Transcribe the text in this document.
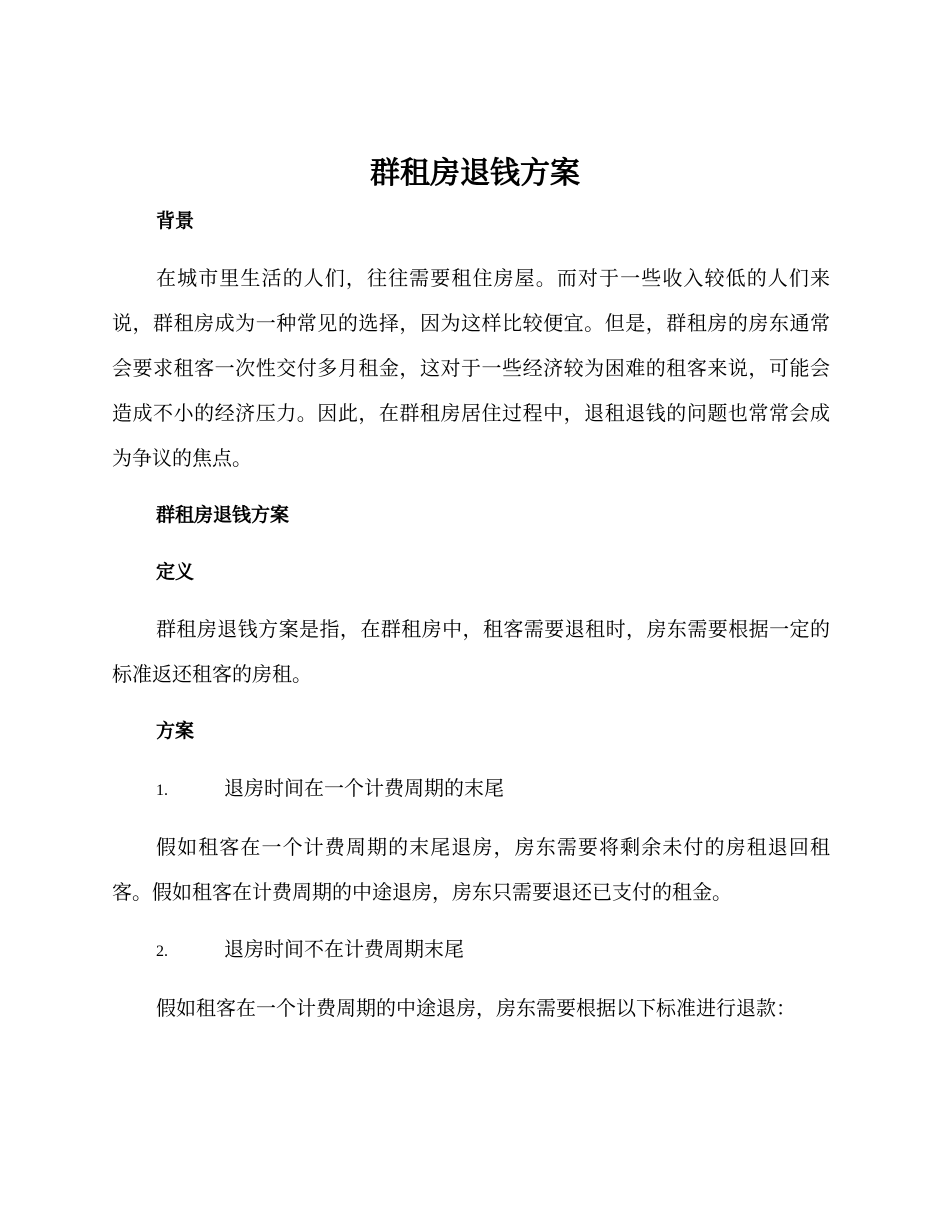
群租房退钱方案
背景

在城市里生活的人们，往往需要租住房屋。而对于一些收入较低的人们来说，群租房成为一种常见的选择，因为这样比较便宜。但是，群租房的房东通常会要求租客一次性交付多月租金，这对于一些经济较为困难的租客来说，可能会造成不小的经济压力。因此，在群租房居住过程中，退租退钱的问题也常常会成为争议的焦点。

群租房退钱方案
定义

群租房退钱方案是指，在群租房中，租客需要退租时，房东需要根据一定的标准返还租客的房租。

方案
1.	退房时间在一个计费周期的末尾

假如租客在一个计费周期的末尾退房，房东需要将剩余未付的房租退回租客。假如租客在计费周期的中途退房，房东只需要退还已支付的租金。

2.	退房时间不在计费周期末尾

假如租客在一个计费周期的中途退房，房东需要根据以下标准进行退款：
